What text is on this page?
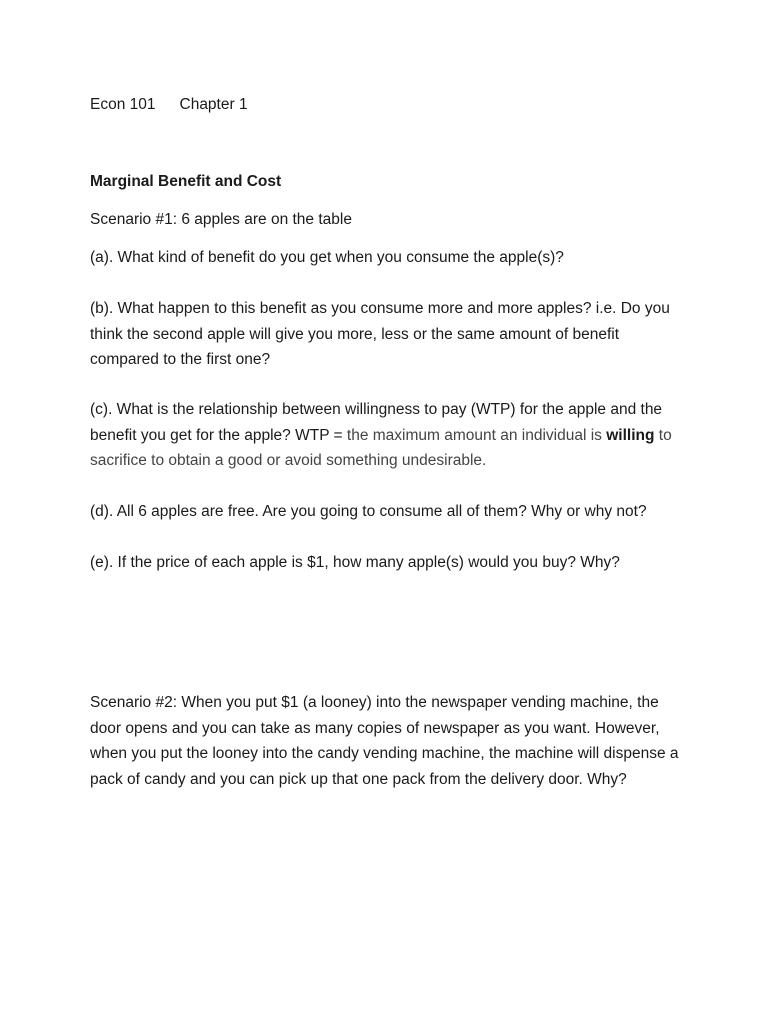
Econ 101 Chapter 1
Marginal Benefit and Cost
Scenario #1: 6 apples are on the table
(a). What kind of benefit do you get when you consume the apple(s)?
(b). What happen to this benefit as you consume more and more apples? i.e. Do you think the second apple will give you more, less or the same amount of benefit compared to the first one?
(c). What is the relationship between willingness to pay (WTP) for the apple and the benefit you get for the apple? WTP = the maximum amount an individual is willing to sacrifice to obtain a good or avoid something undesirable.
(d). All 6 apples are free. Are you going to consume all of them? Why or why not?
(e). If the price of each apple is $1, how many apple(s) would you buy? Why?
Scenario #2: When you put $1 (a looney) into the newspaper vending machine, the door opens and you can take as many copies of newspaper as you want. However, when you put the looney into the candy vending machine, the machine will dispense a pack of candy and you can pick up that one pack from the delivery door. Why?
